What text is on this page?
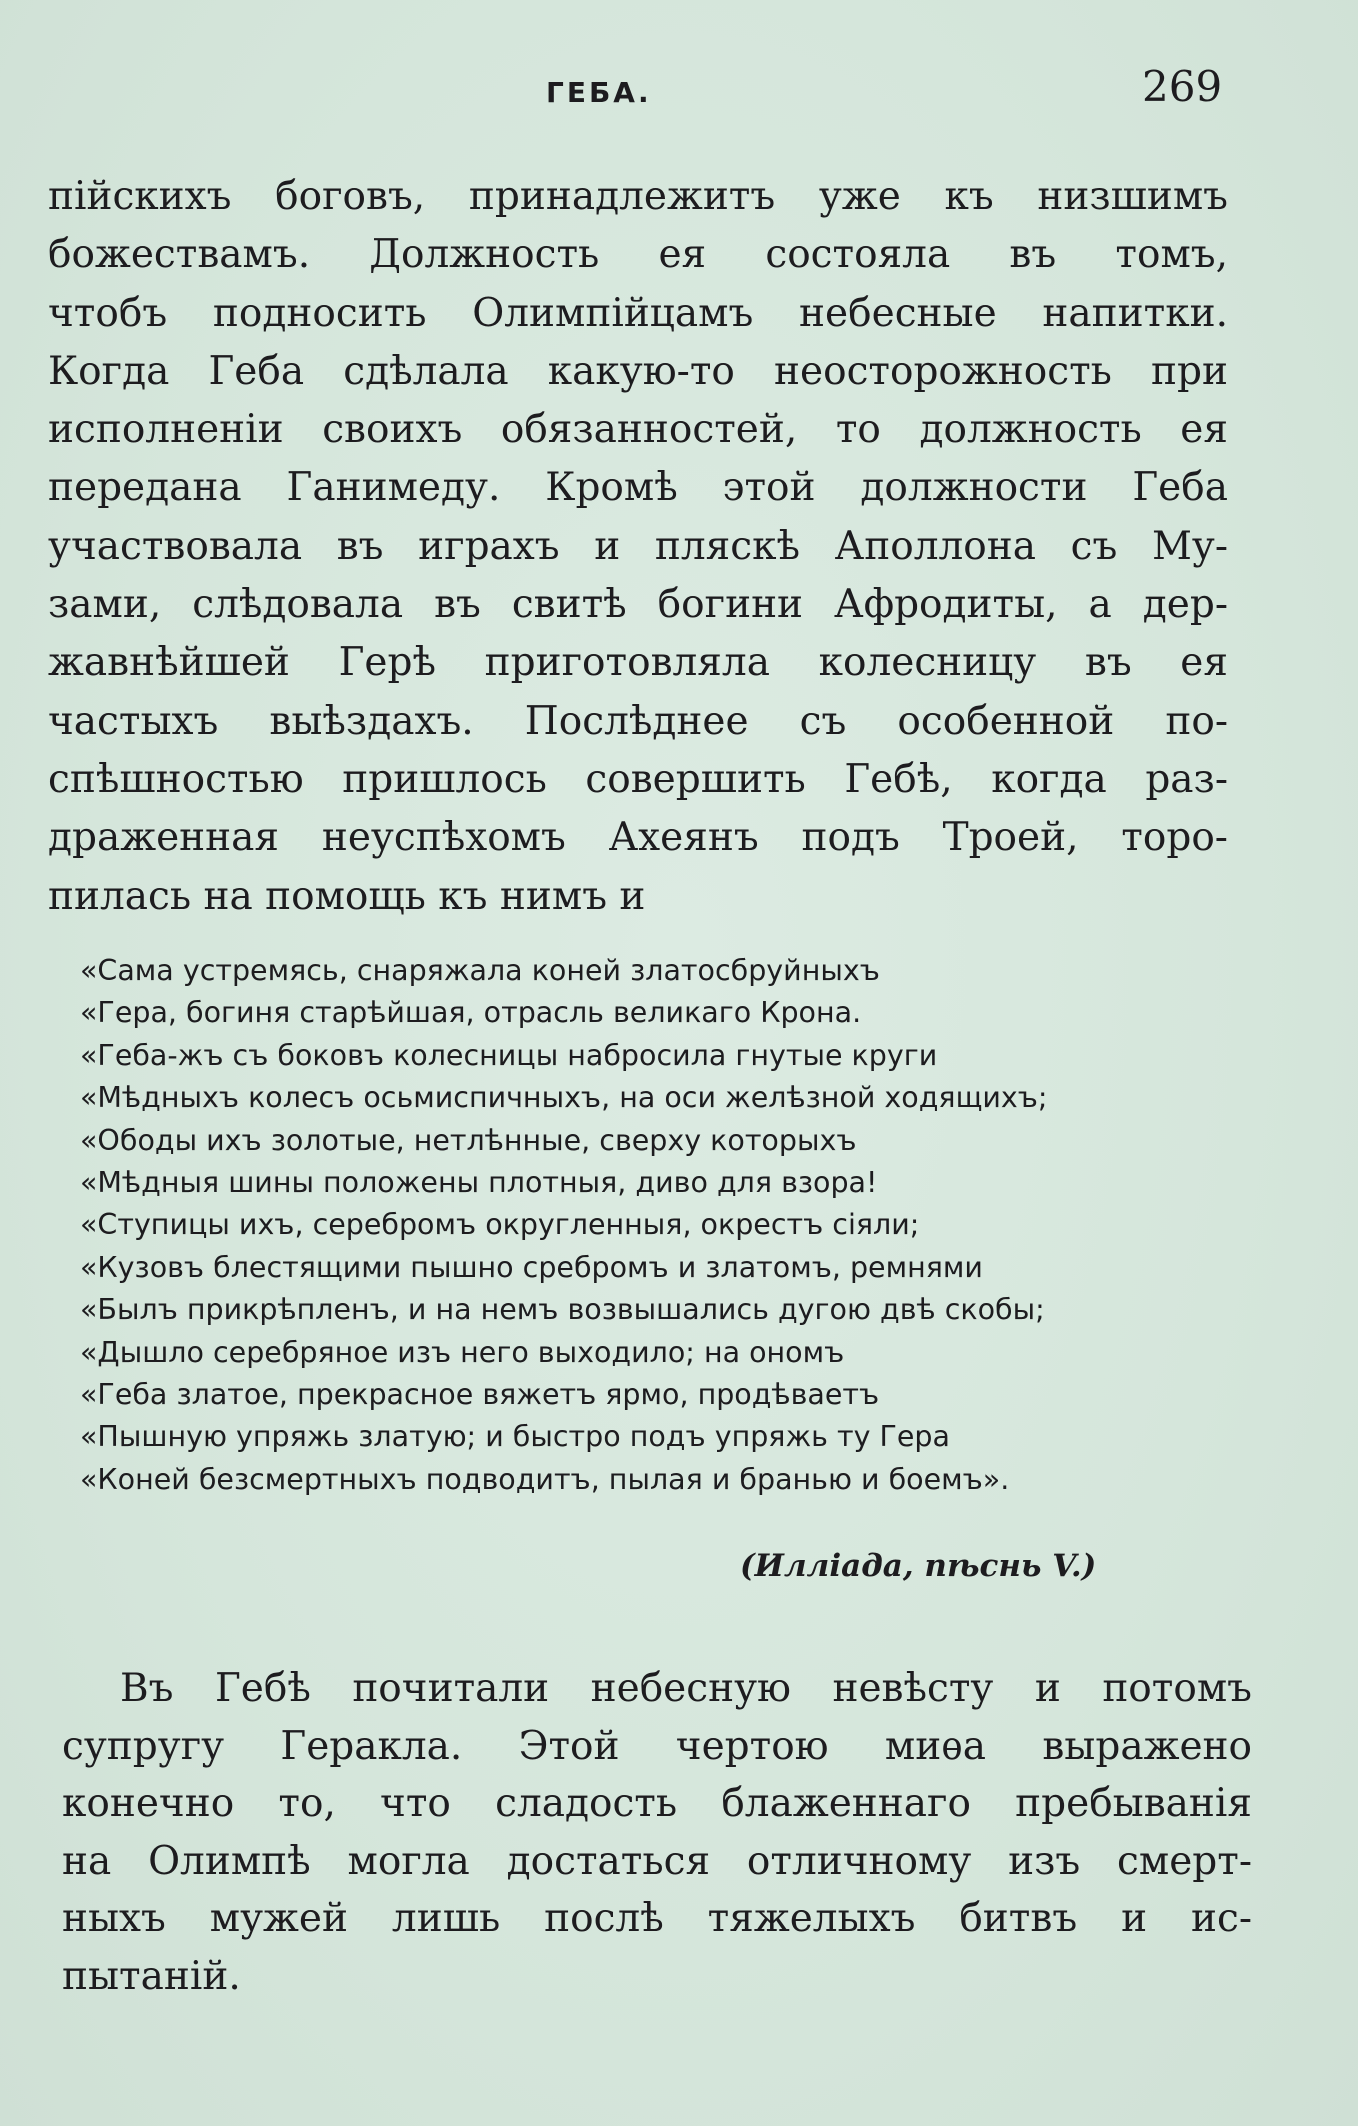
ГЕБА.	269
пійскихъ боговъ, принадлежитъ уже къ низшимъ
божествамъ. Должность ея состояла въ томъ,
чтобъ подносить Олимпійцамъ небесные напитки.
Когда Геба сдѣлала какую-то неосторожность при
исполненіи своихъ обязанностей, то должность ея
передана Ганимеду. Кромѣ этой должности Геба
участвовала въ играхъ и пляскѣ Аполлона съ Му-
зами, слѣдовала въ свитѣ богини Афродиты, а дер-
жавнѣйшей Герѣ приготовляла колесницу въ ея
частыхъ выѣздахъ. Послѣднее съ особенной по-
спѣшностью пришлось совершить Гебѣ, когда раз-
драженная неуспѣхомъ Ахеянъ подъ Троей, торо-
пилась на помощь къ нимъ и
«Сама устремясь, снаряжала коней златосбруйныхъ
«Гера, богиня старѣйшая, отрасль великаго Крона.
«Геба-жъ съ боковъ колесницы набросила гнутые круги
«Мѣдныхъ колесъ осьмиспичныхъ, на оси желѣзной ходящихъ;
«Ободы ихъ золотые, нетлѣнные, сверху которыхъ
«Мѣдныя шины положены плотныя, диво для взора!
«Ступицы ихъ, серебромъ округленныя, окрестъ сіяли;
«Кузовъ блестящими пышно сребромъ и златомъ, ремнями
«Былъ прикрѣпленъ, и на немъ возвышались дугою двѣ скобы;
«Дышло серебряное изъ него выходило; на ономъ
«Геба златое, прекрасное вяжетъ ярмо, продѣваетъ
«Пышную упряжь златую; и быстро подъ упряжь ту Гера
«Коней безсмертныхъ подводитъ, пылая и бранью и боемъ».
(Илліада, пѣснь V.)
Въ Гебѣ почитали небесную невѣсту и потомъ
супругу Геракла. Этой чертою миѳа выражено
конечно то, что сладость блаженнаго пребыванія
на Олимпѣ могла достаться отличному изъ смерт-
ныхъ мужей лишь послѣ тяжелыхъ битвъ и ис-
пытаній.
